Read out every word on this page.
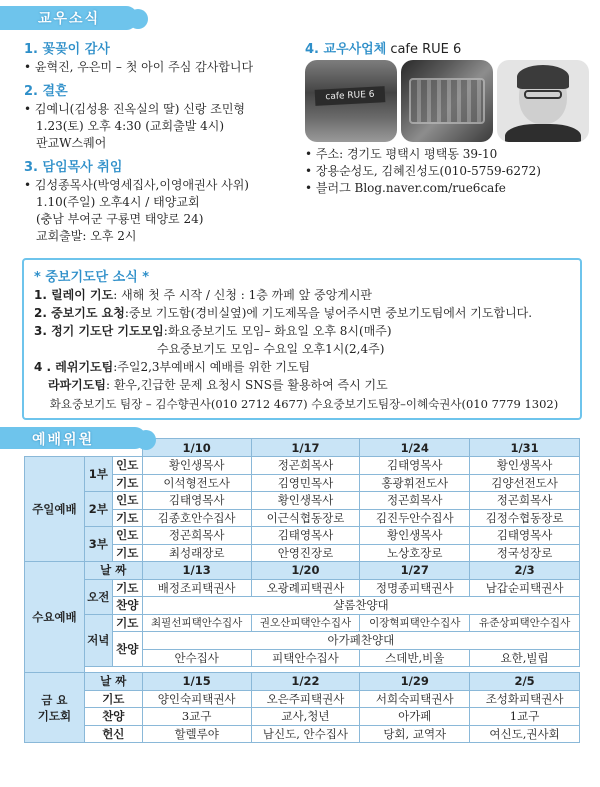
교우소식
1. 꽃꽂이 감사
• 윤혁진, 우은미 – 첫 아이 주심 감사합니다
2. 결혼
• 김예니(김성용 진옥실의 딸) 신랑 조민형
1.23(토) 오후 4:30 (교회출발 4시)
판교W스퀘어
3. 담임목사 취임
• 김성종목사(박영세집사,이영애권사 사위)
1.10(주일) 오후4시 / 태양교회
(충남 부여군 구룡면 태양로 24)
교회출발: 오후 2시
4. 교우사업체 cafe RUE 6
cafe RUE 6
• 주소: 경기도 평택시 평택동 39-10
• 장용순성도, 김혜진성도(010-5759-6272)
• 블러그 Blog.naver.com/rue6cafe
* 중보기도단 소식 *
1. 릴레이 기도: 새해 첫 주 시작 / 신청 : 1층 까페 앞 중앙게시판
2. 중보기도 요청:중보 기도함(경비실옆)에 기도제목을 넣어주시면 중보기도팀에서 기도합니다.
3. 정기 기도단 기도모임:화요중보기도 모임– 화요일 오후 8시(매주)
수요중보기도 모임– 수요일 오후1시(2,4주)
4 . 레위기도팀:주일2,3부예배시 예배를 위한 기도팀
라파기도팀: 환우,긴급한 문제 요청시 SNS를 활용하여 즉시 기도
화요중보기도 팀장 – 김수향권사(010 2712 4677) 수요중보기도팀장–이혜숙권사(010 7779 1302)
			1/10	1/17	1/24	1/31
주일예배	1부	인도	황인생목사	정곤희목사	김태영목사	황인생목사
		기도	이석형전도사	김영민목사	홍광휘전도사	김양선전도사
	2부	인도	김태영목사	황인생목사	정곤희목사	정곤희목사
		기도	김종호안수집사	이근식협동장로	김진두안수집사	김정수협동장로
	3부	인도	정곤희목사	김태영목사	황인생목사	김태영목사
		기도	최성래장로	안영진장로	노상호장로	정국성장로
수요예배	날 짜		1/13	1/20	1/27	2/3
	오전	기도	배정조피택권사	오광례피택권사	정명종피택권사	남갑순피택권사
		찬양	샬롬찬양대			
	저녁	기도	최필선피택안수집사	권오산피택안수집사	이장혁피택안수집사	유준상피택안수집사
		찬양	아가페찬양대			
			안수집사	피택안수집사	스데반,비울	요한,빌립

금 요
기도회	날 짜		1/15	1/22	1/29	2/5
	기도		양인숙피택권사	오은주피택권사	서희숙피택권사	조성화피택권사
	찬양		3교구	교사,청년	아가페	1교구
	헌신		할렐루야	남신도, 안수집사	당회, 교역자	여신도,권사회
예배위원
